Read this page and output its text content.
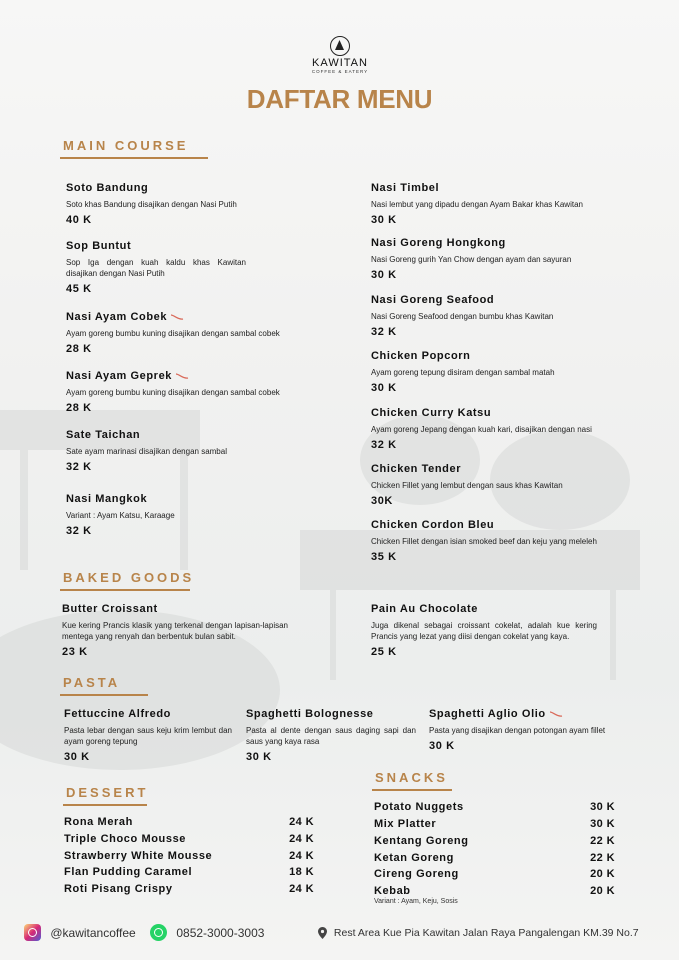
KAWITAN
COFFEE & EATERY
DAFTAR MENU
MAIN COURSE
Soto Bandung
Soto khas Bandung disajikan dengan Nasi Putih
40 K
Sop Buntut
Sop Iga dengan kuah kaldu khas Kawitan disajikan dengan Nasi Putih
45 K
Nasi Ayam Cobek
Ayam goreng bumbu kuning disajikan dengan sambal cobek
28 K
Nasi Ayam Geprek
Ayam goreng bumbu kuning disajikan dengan sambal cobek
28 K
Sate Taichan
Sate ayam marinasi disajikan dengan sambal
32 K
Nasi Mangkok
Variant : Ayam Katsu, Karaage
32 K
Nasi Timbel
Nasi lembut yang dipadu dengan Ayam Bakar khas Kawitan
30 K
Nasi Goreng Hongkong
Nasi Goreng gurih Yan Chow dengan ayam dan sayuran
30 K
Nasi Goreng Seafood
Nasi Goreng Seafood dengan bumbu khas Kawitan
32 K
Chicken Popcorn
Ayam goreng tepung disiram dengan sambal matah
30 K
Chicken Curry Katsu
Ayam goreng Jepang dengan kuah kari, disajikan dengan nasi
32 K
Chicken Tender
Chicken Fillet yang lembut dengan saus khas Kawitan
30K
Chicken Cordon Bleu
Chicken Fillet dengan isian smoked beef dan keju yang meleleh
35 K
BAKED GOODS
Butter Croissant
Kue kering Prancis klasik yang terkenal dengan lapisan-lapisan mentega yang renyah dan berbentuk bulan sabit.
23 K
Pain Au Chocolate
Juga dikenal sebagai croissant cokelat, adalah kue kering Prancis yang lezat yang diisi dengan cokelat yang kaya.
25 K
PASTA
Fettuccine Alfredo
Pasta lebar dengan saus keju krim lembut dan ayam goreng tepung
30 K
Spaghetti Bolognesse
Pasta al dente dengan saus daging sapi dan saus yang kaya rasa
30 K
Spaghetti Aglio Olio
Pasta yang disajikan dengan potongan ayam fillet
30 K
DESSERT
Rona Merah	24 K
Triple Choco Mousse	24 K
Strawberry White Mousse	24 K
Flan Pudding Caramel	18 K
Roti Pisang Crispy	24 K
SNACKS
Potato Nuggets	30 K
Mix Platter	30 K
Kentang Goreng	22 K
Ketan Goreng	22 K
Cireng Goreng	20 K
Kebab	20 K
Variant : Ayam, Keju, Sosis
@kawitancoffee	0852-3000-3003	Rest Area Kue Pia Kawitan Jalan Raya Pangalengan KM.39 No.7
